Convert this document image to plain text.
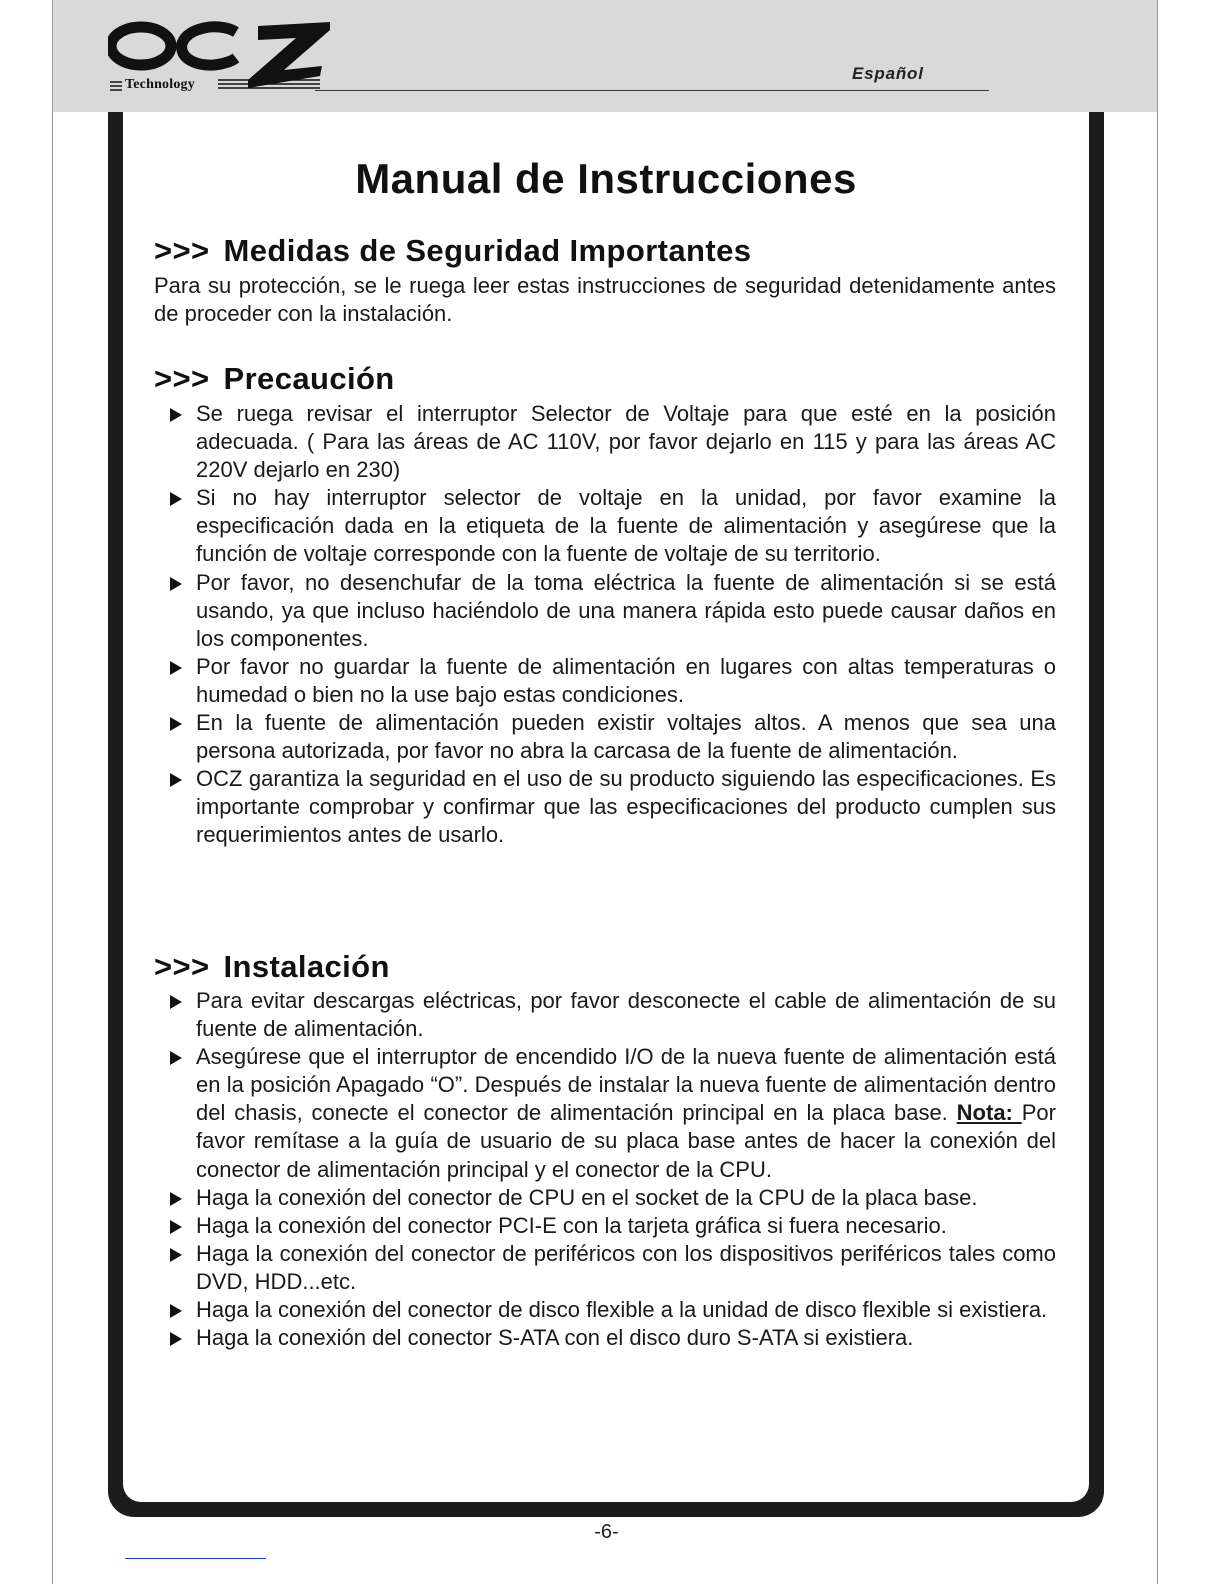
Technology
Español
Manual de Instrucciones
>>> Medidas de Seguridad Importantes

Para su protección, se le ruega leer estas instrucciones de seguridad detenidamente antes de proceder con la instalación.

>>> Precaución
Se ruega revisar el interruptor Selector de Voltaje para que esté en la posición adecuada. ( Para las áreas de AC 110V, por favor dejarlo en 115 y para las áreas AC 220V dejarlo en 230)
Si no hay interruptor selector de voltaje en la unidad, por favor examine la especificación dada en la etiqueta de la fuente de alimentación y asegúrese que la función de voltaje corresponde con la fuente de voltaje de su territorio.
Por favor, no desenchufar de la toma eléctrica la fuente de alimentación si se está usando, ya que incluso haciéndolo de una manera rápida esto puede causar daños en los componentes.
Por favor no guardar la fuente de alimentación en lugares con altas temperaturas o humedad o bien no la use bajo estas condiciones.
En la fuente de alimentación pueden existir voltajes altos. A menos que sea una persona autorizada, por favor no abra la carcasa de la fuente de alimentación.
OCZ garantiza la seguridad en el uso de su producto siguiendo las especificaciones. Es importante comprobar y confirmar que las especificaciones del producto cumplen sus requerimientos antes de usarlo.
>>> Instalación
Para evitar descargas eléctricas, por favor desconecte el cable de alimentación de su fuente de alimentación.
Asegúrese que el interruptor de encendido I/O de la nueva fuente de alimentación está en la posición Apagado “O”. Después de instalar la nueva fuente de alimentación dentro del chasis, conecte el conector de alimentación principal en la placa base. Nota: Por favor remítase a la guía de usuario de su placa base antes de hacer la conexión del conector de alimentación principal y el conector de la CPU.
Haga la conexión del conector de CPU en el socket de la CPU de la placa base.
Haga la conexión del conector PCI-E con la tarjeta gráfica si fuera necesario.
Haga la conexión del conector de periféricos con los dispositivos periféricos tales como DVD, HDD...etc.
Haga la conexión del conector de disco flexible a la unidad de disco flexible si existiera.
Haga la conexión del conector S-ATA con el disco duro S-ATA si existiera.
-6-
